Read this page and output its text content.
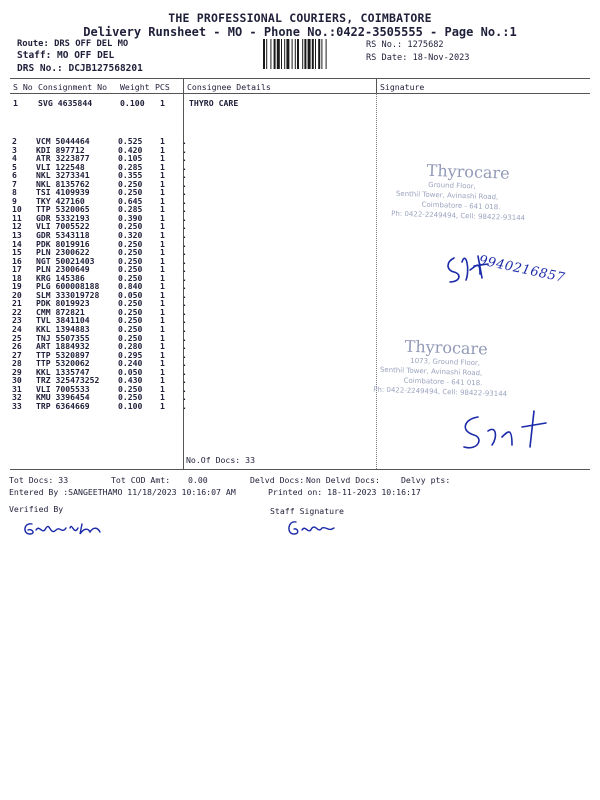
THE PROFESSIONAL COURIERS, COIMBATORE
Delivery Runsheet - MO - Phone No.:0422-3505555 - Page No.:1
Route: DRS OFF DEL MO
Staff: MO OFF DEL
DRS No.: DCJB127568201
RS No.: 1275682
RS Date: 18-Nov-2023
S No Consignment No Weight PCS Consignee Details	Signature
1 SVG 4635844	0.100 1	THYRO CARE
2	VCM 5044464	0.525	1	.
3	KDI 897712	0.420	1	.
4	ATR 3223877	0.105	1	.
5	VLI 122548	0.285	1	.
6	NKL 3273341	0.355	1	.
7	NKL 8135762	0.250	1	.
8	TSI 4109939	0.250	1	.
9	TKY 427160	0.645	1	.
10	TTP 5320065	0.285	1	.
11	GDR 5332193	0.390	1	.
12	VLI 7005522	0.250	1	.
13	GDR 5343118	0.320	1	.
14	PDK 8019916	0.250	1	.
15	PLN 2300622	0.250	1	.
16	NGT 50021403	0.250	1	.
17	PLN 2300649	0.250	1	.
18	KRG 145386	0.250	1	.
19	PLG 600008188	0.840	1	.
20	SLM 333019728	0.050	1	.
21	PDK 8019923	0.250	1	.
22	CMM 872821	0.250	1	.
23	TVL 3841104	0.250	1	.
24	KKL 1394883	0.250	1	.
25	TNJ 5507355	0.250	1	.
26	ART 1884932	0.280	1	.
27	TTP 5320897	0.295	1	.
28	TTP 5320062	0.240	1	.
29	KKL 1335747	0.050	1	.
30	TRZ 325473252	0.430	1	.
31	VLI 7005533	0.250	1	.
32	KMU 3396454	0.250	1	.
33	TRP 6364669	0.100	1	.
No.Of Docs: 33
Thyrocare
Ground Floor,
Senthil Tower, Avinashi Road,
Coimbatore - 641 018.
Ph: 0422-2249494, Cell: 98422-93144
Thyrocare
1073, Ground Floor,
Senthil Tower, Avinashi Road,
Coimbatore - 641 018.
Ph: 0422-2249494, Cell: 98422-93144
9940216857
Tot Docs: 33	Tot COD Amt: 0.00	Delvd Docs: Non Delvd Docs:	Delvy pts:
Entered By :SANGEETHAMO 11/18/2023 10:16:07 AM	Printed on: 18-11-2023 10:16:17
Verified By	Staff Signature
